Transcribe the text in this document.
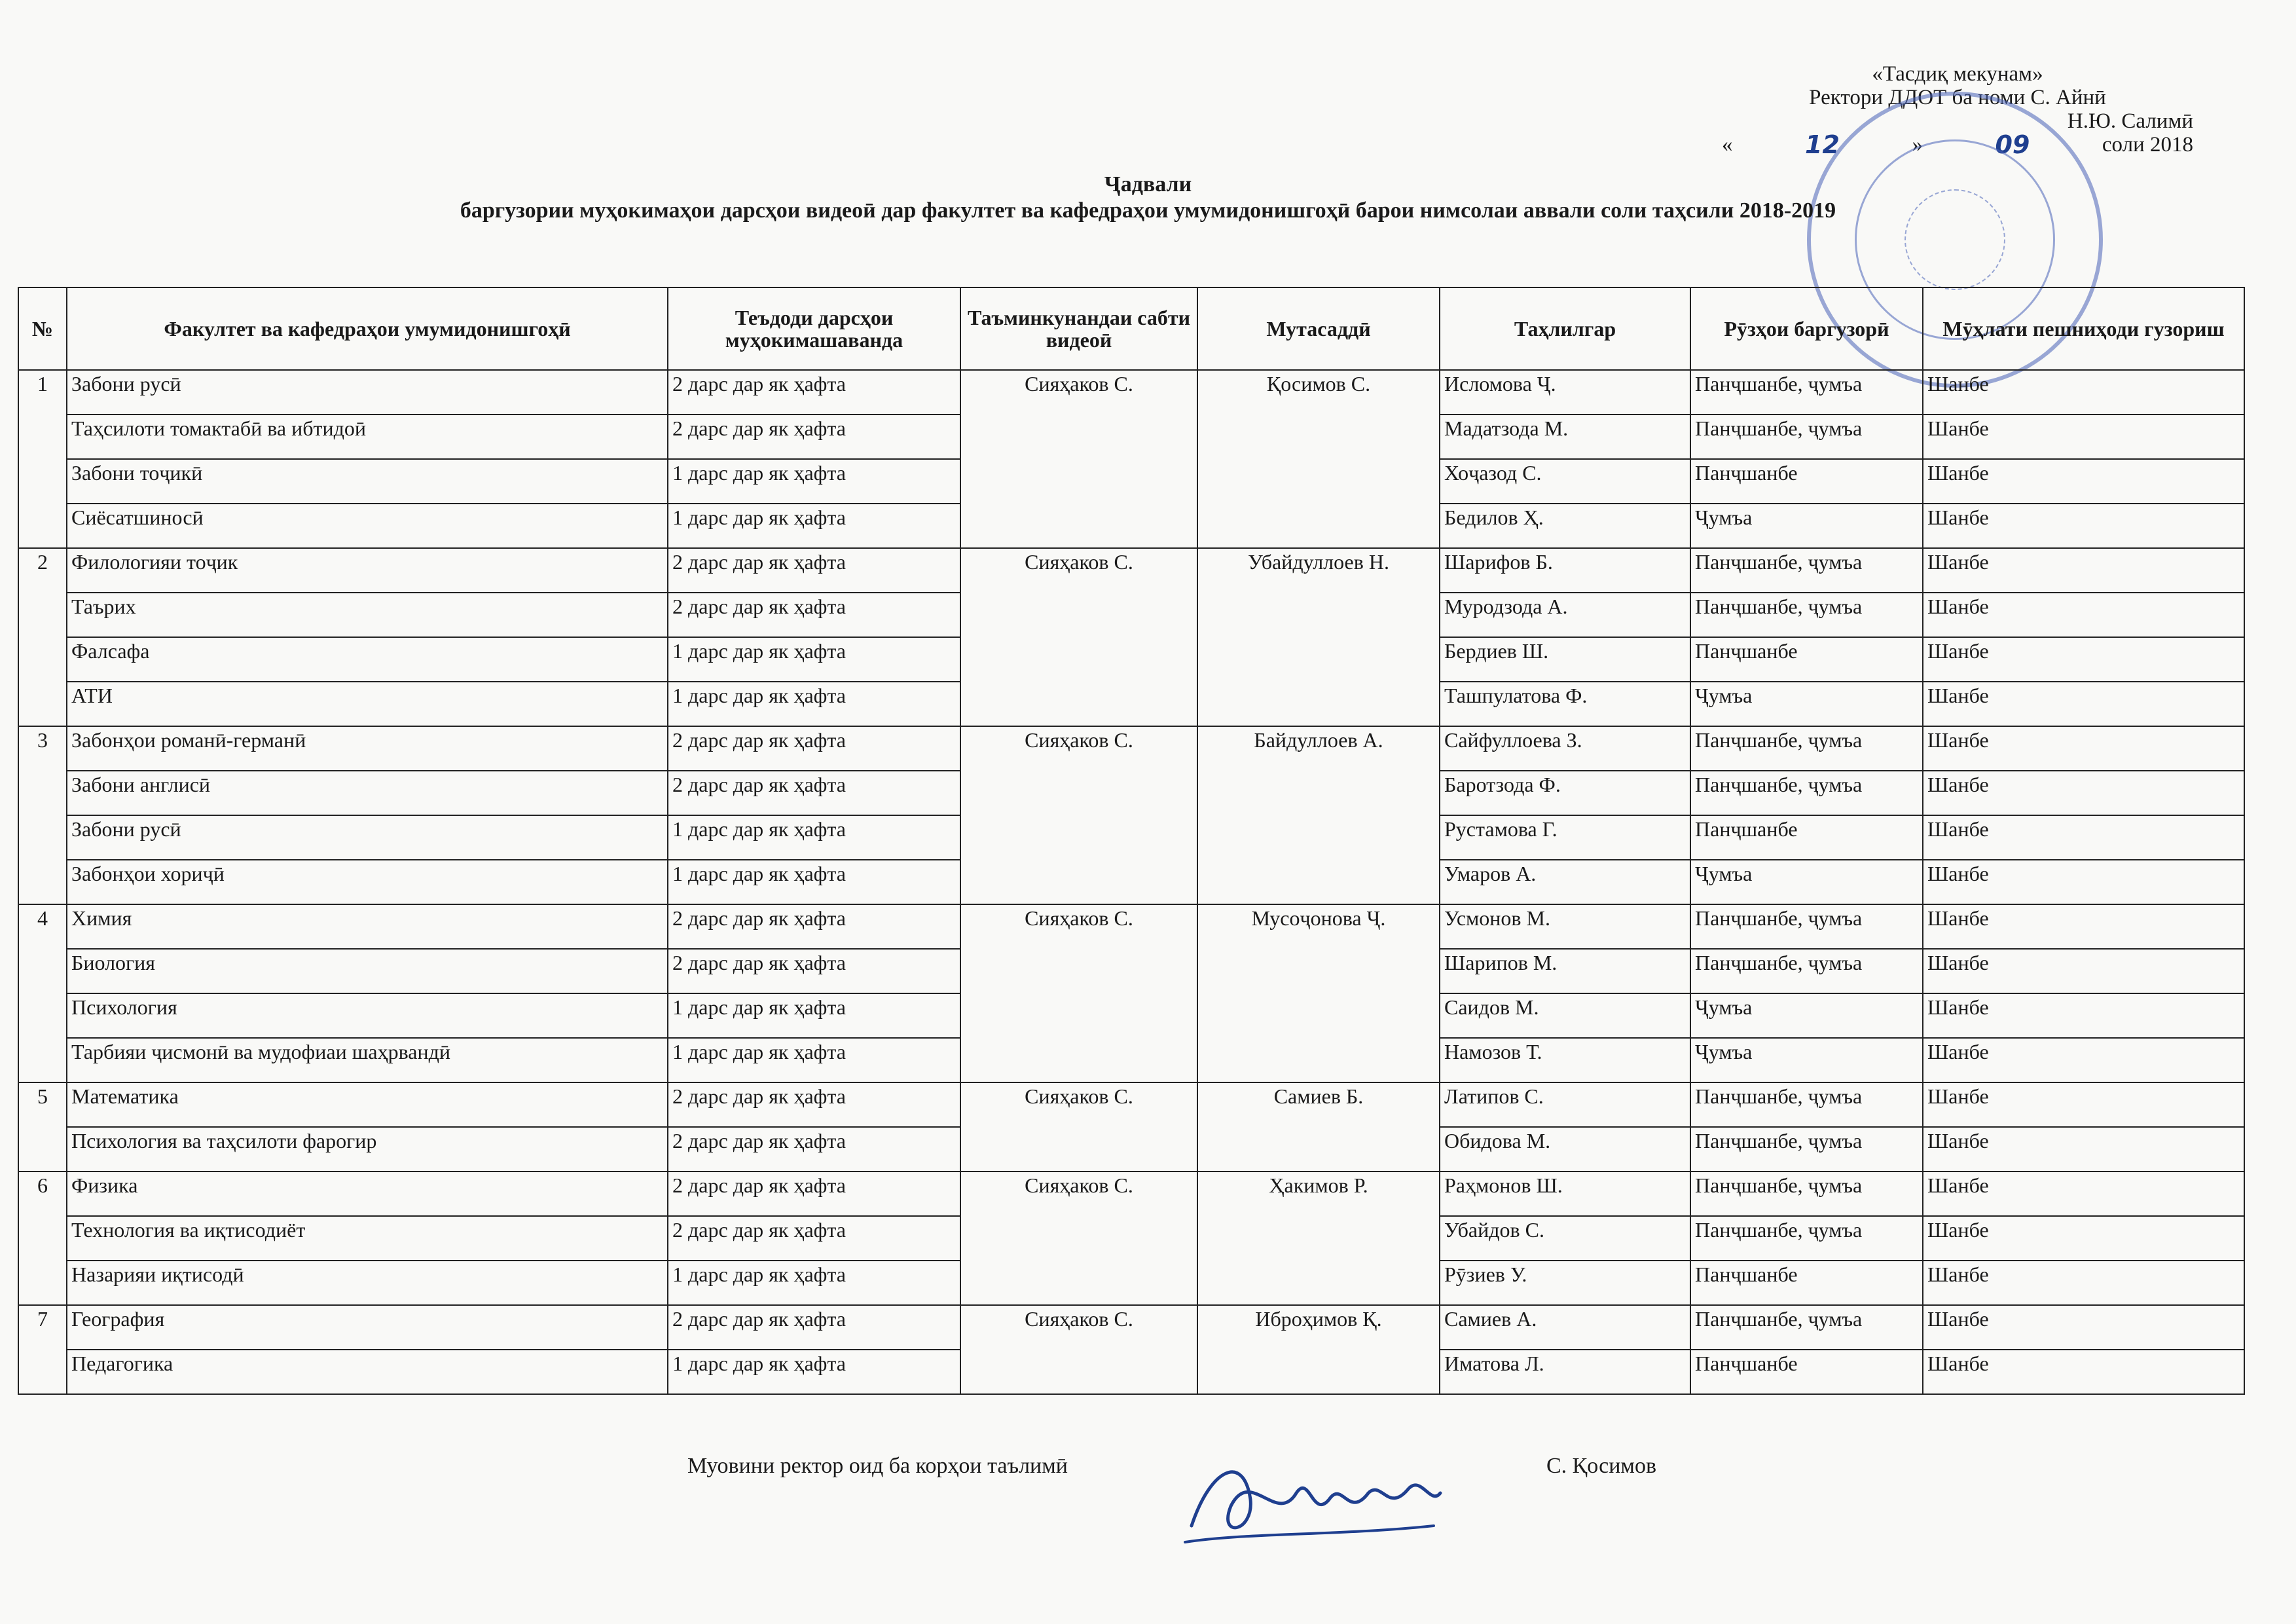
«Тасдиқ мекунам»
Ректори ДДОТ ба номи С. Айнӣ
Н.Ю. Салимӣ
«	12	»	09	соли 2018
Ҷадвали
баргузории муҳокимаҳои дарсҳои видеоӣ дар факултет ва кафедраҳои умумидонишгоҳӣ барои нимсолаи аввали соли таҳсили 2018-2019
№	Факултет ва кафедраҳои умумидонишгоҳӣ	Теъдоди дарсҳои муҳокимашаванда	Таъминкунандаи сабти видеоӣ	Мутасаддӣ	Таҳлилгар	Рӯзҳои баргузорӣ	Мӯҳлати пешниҳоди гузориш
1	Забони русӣ	2 дарс дар як ҳафта	Сияҳаков С.	Қосимов С.	Исломова Ҷ.	Панҷшанбе, ҷумъа	Шанбе
	Таҳсилоти томактабӣ ва ибтидоӣ	2 дарс дар як ҳафта			Мадатзода М.	Панҷшанбе, ҷумъа	Шанбе
	Забони тоҷикӣ	1 дарс дар як ҳафта			Хоҷазод С.	Панҷшанбе	Шанбе
	Сиёсатшиносӣ	1 дарс дар як ҳафта			Бедилов Ҳ.	Ҷумъа	Шанбе
2	Филологияи тоҷик	2 дарс дар як ҳафта	Сияҳаков С.	Убайдуллоев Н.	Шарифов Б.	Панҷшанбе, ҷумъа	Шанбе
	Таърих	2 дарс дар як ҳафта			Муродзода А.	Панҷшанбе, ҷумъа	Шанбе
	Фалсафа	1 дарс дар як ҳафта			Бердиев Ш.	Панҷшанбе	Шанбе
	АТИ	1 дарс дар як ҳафта			Ташпулатова Ф.	Ҷумъа	Шанбе
3	Забонҳои романӣ-германӣ	2 дарс дар як ҳафта	Сияҳаков С.	Байдуллоев А.	Сайфуллоева З.	Панҷшанбе, ҷумъа	Шанбе
	Забони англисӣ	2 дарс дар як ҳафта			Баротзода Ф.	Панҷшанбе, ҷумъа	Шанбе
	Забони русӣ	1 дарс дар як ҳафта			Рустамова Г.	Панҷшанбе	Шанбе
	Забонҳои хориҷӣ	1 дарс дар як ҳафта			Умаров А.	Ҷумъа	Шанбе
4	Химия	2 дарс дар як ҳафта	Сияҳаков С.	Мусоҷонова Ҷ.	Усмонов М.	Панҷшанбе, ҷумъа	Шанбе
	Биология	2 дарс дар як ҳафта			Шарипов М.	Панҷшанбе, ҷумъа	Шанбе
	Психология	1 дарс дар як ҳафта			Саидов М.	Ҷумъа	Шанбе
	Тарбияи ҷисмонӣ ва мудофиаи шаҳрвандӣ	1 дарс дар як ҳафта			Намозов Т.	Ҷумъа	Шанбе
5	Математика	2 дарс дар як ҳафта	Сияҳаков С.	Самиев Б.	Латипов С.	Панҷшанбе, ҷумъа	Шанбе
	Психология ва таҳсилоти фарогир	2 дарс дар як ҳафта			Обидова М.	Панҷшанбе, ҷумъа	Шанбе
6	Физика	2 дарс дар як ҳафта	Сияҳаков С.	Ҳакимов Р.	Раҳмонов Ш.	Панҷшанбе, ҷумъа	Шанбе
	Технология ва иқтисодиёт	2 дарс дар як ҳафта			Убайдов С.	Панҷшанбе, ҷумъа	Шанбе
	Назарияи иқтисодӣ	1 дарс дар як ҳафта			Рӯзиев У.	Панҷшанбе	Шанбе
7	География	2 дарс дар як ҳафта	Сияҳаков С.	Иброҳимов Қ.	Самиев А.	Панҷшанбе, ҷумъа	Шанбе
	Педагогика	1 дарс дар як ҳафта			Иматова Л.	Панҷшанбе	Шанбе
Муовини ректор оид ба корҳои таълимӣ	С. Қосимов
